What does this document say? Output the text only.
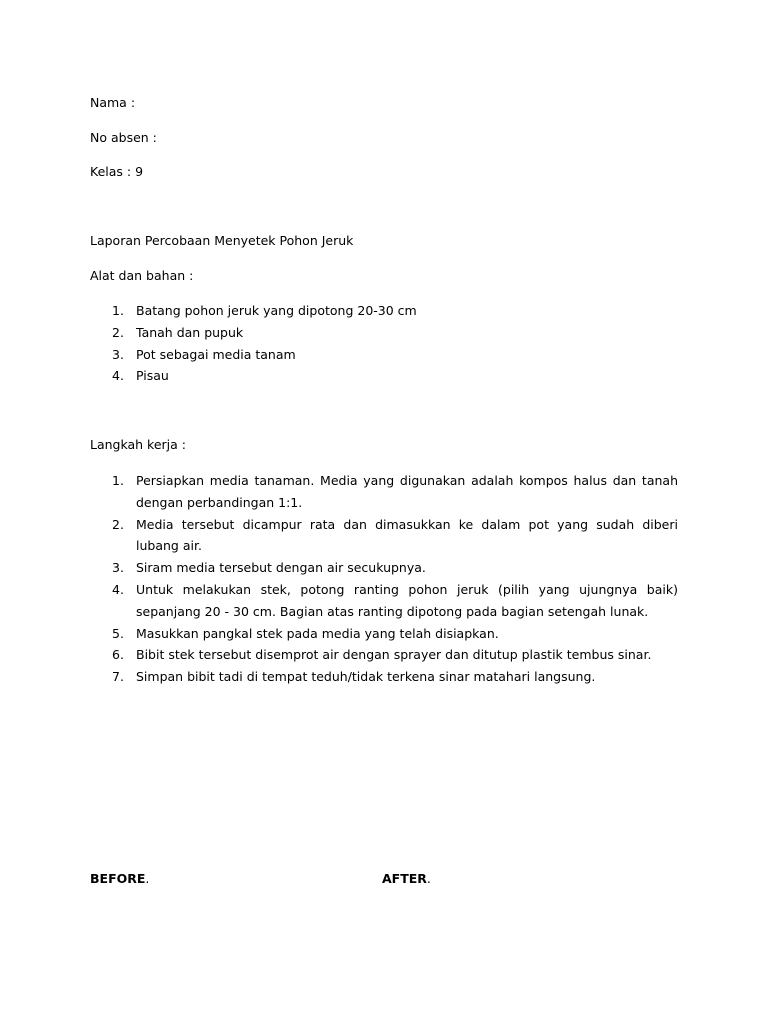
Nama :
No absen :
Kelas : 9
Laporan Percobaan Menyetek Pohon Jeruk
Alat dan bahan :
1. Batang pohon jeruk yang dipotong 20-30 cm
2. Tanah dan pupuk
3. Pot sebagai media tanam
4. Pisau
Langkah kerja :
1. Persiapkan media tanaman. Media yang digunakan adalah kompos halus dan tanah dengan perbandingan 1:1.
2. Media tersebut dicampur rata dan dimasukkan ke dalam pot yang sudah diberi lubang air.
3. Siram media tersebut dengan air secukupnya.
4. Untuk melakukan stek, potong ranting pohon jeruk (pilih yang ujungnya baik) sepanjang 20 - 30 cm. Bagian atas ranting dipotong pada bagian setengah lunak.
5. Masukkan pangkal stek pada media yang telah disiapkan.
6. Bibit stek tersebut disemprot air dengan sprayer dan ditutup plastik tembus sinar.
7. Simpan bibit tadi di tempat teduh/tidak terkena sinar matahari langsung.
BEFORE.	AFTER.
